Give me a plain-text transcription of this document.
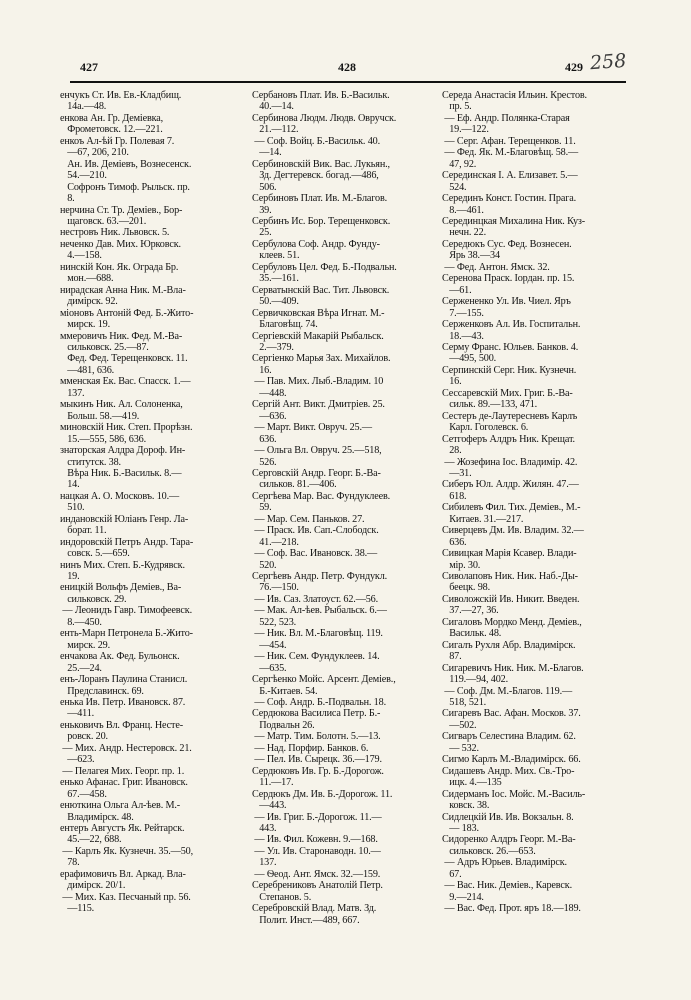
427	428	429 258
енчукъ Ст. Ив. Ев.-Кладбищ.
14а.—48.
енкова Ан. Гр. Деміевка,
Фрометовск. 12.—221.
енкоъ Ал-ѣй Гр. Полевая 7.
—67, 206, 210.
Ан. Ив. Деміевъ, Вознесенск.
54.—210.
Софронъ Тимоф. Рыльск. пр.
8.
нерчина Ст. Тр. Деміев., Бор-
щаговск. 63.—201.
нестровъ Ник. Львовск. 5.
неченко Дав. Мих. Юрковск.
4.—158.
нинскій Кон. Як. Оградa Бр.
мон.—688.
нирадская Анна Ник. М.-Вла-
димірск. 92.
міоновъ Антоній Фед. Б.-Жито-
мирск. 19.
ммеровичъ Ник. Фед. М.-Ва-
сильковск. 25.—87.
Фед. Фед. Терещенковск. 11.
—481, 636.
мменская Ек. Вас. Спасск. 1.—
137.
мыкинъ Ник. Ал. Солоненка,
Больш. 58.—419.
миновскій Ник. Степ. Прорѣзн.
15.—555, 586, 636.
знаторская Алдра Дороф. Ин-
ститутск. 38.
Вѣра Ник. Б.-Васильк. 8.—
14.
нацкая А. О. Московъ. 10.—
510.
индановскій Юліанъ Генр. Ла-
борат. 11.
индоровскій Петръ Андр. Тара-
совск. 5.—659.
нинъ Мих. Степ. Б.-Кудрявск.
19.
еницкій Вольфъ Деміев., Ва-
сильковск. 29.
— Леонидъ Гавр. Тимофеевск.
8.—450.
енть-Марн Петронела Б.-Жито-
мирск. 29.
енчакова Ак. Фед. Бульонск.
25.—24.
енъ-Лоранъ Паулина Станисл.
Предславинск. 69.
енька Ив. Петр. Ивановск. 87.
—411.
еньковичъ Вл. Франц. Несте-
ровск. 20.
— Мих. Андр. Нестеровск. 21.
—623.
— Пелагея Мих. Георг. пр. 1.
енько Афанас. Григ. Ивановск.
67.—458.
енюткина Ольга Ал-ѣев. М.-
Владимірск. 48.
ентеръ Августъ Як. Рейтарск.
45.—22, 688.
— Карлъ Як. Кузнечн. 35.—50,
78.
ерафимовичъ Вл. Аркад. Вла-
димірск. 20/1.
— Мих. Каз. Песчаный пр. 56.
—115.
Сербановъ Плат. Ив. Б.-Васильк.
40.—14.
Сербинова Людм. Людв. Овручск.
21.—112.
— Соф. Войц. Б.-Васильк. 40.
—14.
Сербиновскій Вик. Вас. Лукьян.,
Зд. Дегтеревск. богад.—486,
506.
Сербиновъ Плат. Ив. М.-Благов.
39.
Сербинъ Ис. Бор. Терещенковск.
25.
Сербулова Соф. Андр. Фунду-
клеев. 51.
Сербуловъ Цел. Фед. Б.-Подвальн.
35.—161.
Серватынскій Вас. Тит. Львовск.
50.—409.
Сервичковская Вѣра Игнат. М.-
Благовѣщ. 74.
Сергіевскій Макарій Рыбальск.
2.—379.
Сергіенко Марья Зах. Михайлов.
16.
— Пав. Мих. Лыб.-Владим. 10
—448.
Сергій Ант. Викт. Дмитріев. 25.
—636.
— Март. Викт. Овруч. 25.—
636.
— Ольга Вл. Овруч. 25.—518,
526.
Серговскій Андр. Георг. Б.-Ва-
сильков. 81.—406.
Сергѣева Мар. Вас. Фундуклеев.
59.
— Мар. Сем. Паньков. 27.
— Праск. Ив. Сап.-Слободск.
41.—218.
— Соф. Вас. Ивановск. 38.—
520.
Сергѣевъ Андр. Петр. Фундукл.
76.—150.
— Ив. Саз. Златоуст. 62.—56.
— Мак. Ал-ѣев. Рыбальск. 6.—
522, 523.
— Ник. Вл. М.-Благовѣщ. 119.
—454.
— Ник. Сем. Фундуклеев. 14.
—635.
Сергѣенко Мойс. Арсент. Деміев.,
Б.-Китаев. 54.
— Соф. Андр. Б.-Подвальн. 18.
Сердюкова Василиса Петр. Б.-
Подвальн 26.
— Матр. Тим. Болотн. 5.—13.
— Над. Порфир. Банков. 6.
— Пел. Ив. Сырецк. 36.—179.
Сердюковъ Ив. Гр. Б.-Дорогож.
11.—17.
Сердюкъ Дм. Ив. Б.-Дорогож. 11.
—443.
— Ив. Григ. Б.-Дорогож. 11.—
443.
— Ив. Фил. Кожевн. 9.—168.
— Ул. Ив. Старонаводн. 10.—
137.
— Ѳеод. Ант. Ямск. 32.—159.
Серебрениковъ Анатолій Петр.
Степанов. 5.
Серебровскій Влад. Матв. Зд.
Полит. Инст.—489, 667.
Середа Анастасія Ильин. Крестов.
пр. 5.
— Еф. Андр. Полянка-Старая
19.—122.
— Серг. Афан. Терещенков. 11.
— Фед. Як. М.-Благовѣщ. 58.—
47, 92.
Серединская I. А. Елизавет. 5.—
524.
Серединъ Конст. Гостин. Прага.
8.—461.
Серединцкая Михалина Ник. Куз-
нечн. 22.
Середюкъ Сус. Фед. Вознесен.
Ярь 38.—34
— Фед. Антон. Ямск. 32.
Серенова Праск. Iордан. пр. 15.
—61.
Сержененко Ул. Ив. Чиел. Яръ
7.—155.
Серженковъ Ал. Ив. Госпитальн.
18.—43.
Серму Франс. Юльев. Банков. 4.
—495, 500.
Серпинскій Серг. Ник. Кузнечн.
16.
Сессаревскій Мих. Григ. Б.-Ва-
сильк. 89.—133, 471.
Сестеръ де-Лаутересневъ Карлъ
Карл. Гоголевск. 6.
Сетгоферъ Алдръ Ник. Крещат.
28.
— Жозефина Iос. Владимір. 42.
—31.
Сиберъ Юл. Алдр. Жилян. 47.—
618.
Сибилевъ Фил. Тих. Деміев., М.-
Китаев. 31.—217.
Сиверцевъ Дм. Ив. Владим. 32.—
636.
Сивицкая Марія Ксавер. Влади-
мір. 30.
Сиволаповъ Ник. Ник. Наб.-Ды-
беецк. 98.
Сиволожскій Ив. Никит. Введен.
37.—27, 36.
Сигаловъ Мордко Менд. Деміев.,
Васильк. 48.
Сигалъ Рухля Абр. Владимірск.
87.
Сигаревичъ Ник. Ник. М.-Благов.
119.—94, 402.
— Соф. Дм. М.-Благов. 119.—
518, 521.
Сигаревъ Вас. Афан. Москов. 37.
—502.
Сигваръ Селестина Владим. 62.
— 532.
Сигмо Карлъ М.-Владимірск. 66.
Сидашевъ Андр. Мих. Св.-Тро-
ицк. 4.—135
Сидерманъ Iос. Мойс. М.-Василь-
ковск. 38.
Сидлецкій Ив. Ив. Вокзальн. 8.
— 183.
Сидоренко Алдръ Георг. М.-Ва-
сильковск. 26.—653.
— Адръ Юрьев. Владимірск.
67.
— Вас. Ник. Деміев., Каревск.
9.—214.
— Вас. Фед. Прот. яръ 18.—189.
